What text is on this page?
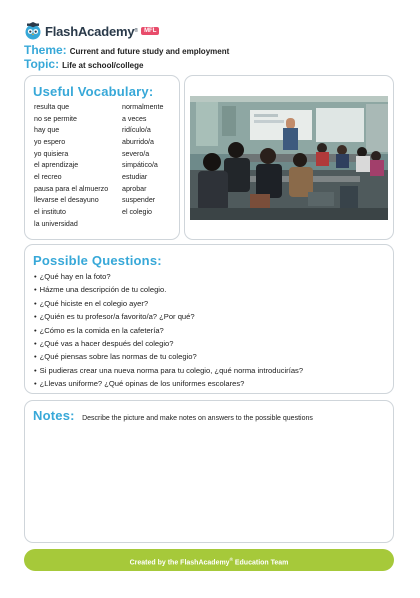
FlashAcademy ®	MFL
Theme: Current and future study and employment
Topic: Life at school/college
Useful Vocabulary:
resulta que
no se permite
hay que
yo espero
yo quisiera
el aprendizaje
el recreo
pausa para el almuerzo
llevarse el desayuno
el instituto
la universidad
normalmente
a veces
ridículo/a
aburrido/a
severo/a
simpático/a
estudiar
aprobar
suspender
el colegio
Possible Questions:
• ¿Qué hay en la foto?
• Házme una descripción de tu colegio.
• ¿Qué hiciste en el colegio ayer?
• ¿Quién es tu profesor/a favorito/a? ¿Por qué?
• ¿Cómo es la comida en la cafetería?
• ¿Qué vas a hacer después del colegio?
• ¿Qué piensas sobre las normas de tu colegio?
• Si pudieras crear una nueva norma para tu colegio, ¿qué norma introducirías?
• ¿Llevas uniforme? ¿Qué opinas de los uniformes escolares?
Notes: Describe the picture and make notes on answers to the possible questions
Created by the FlashAcademy® Education Team
